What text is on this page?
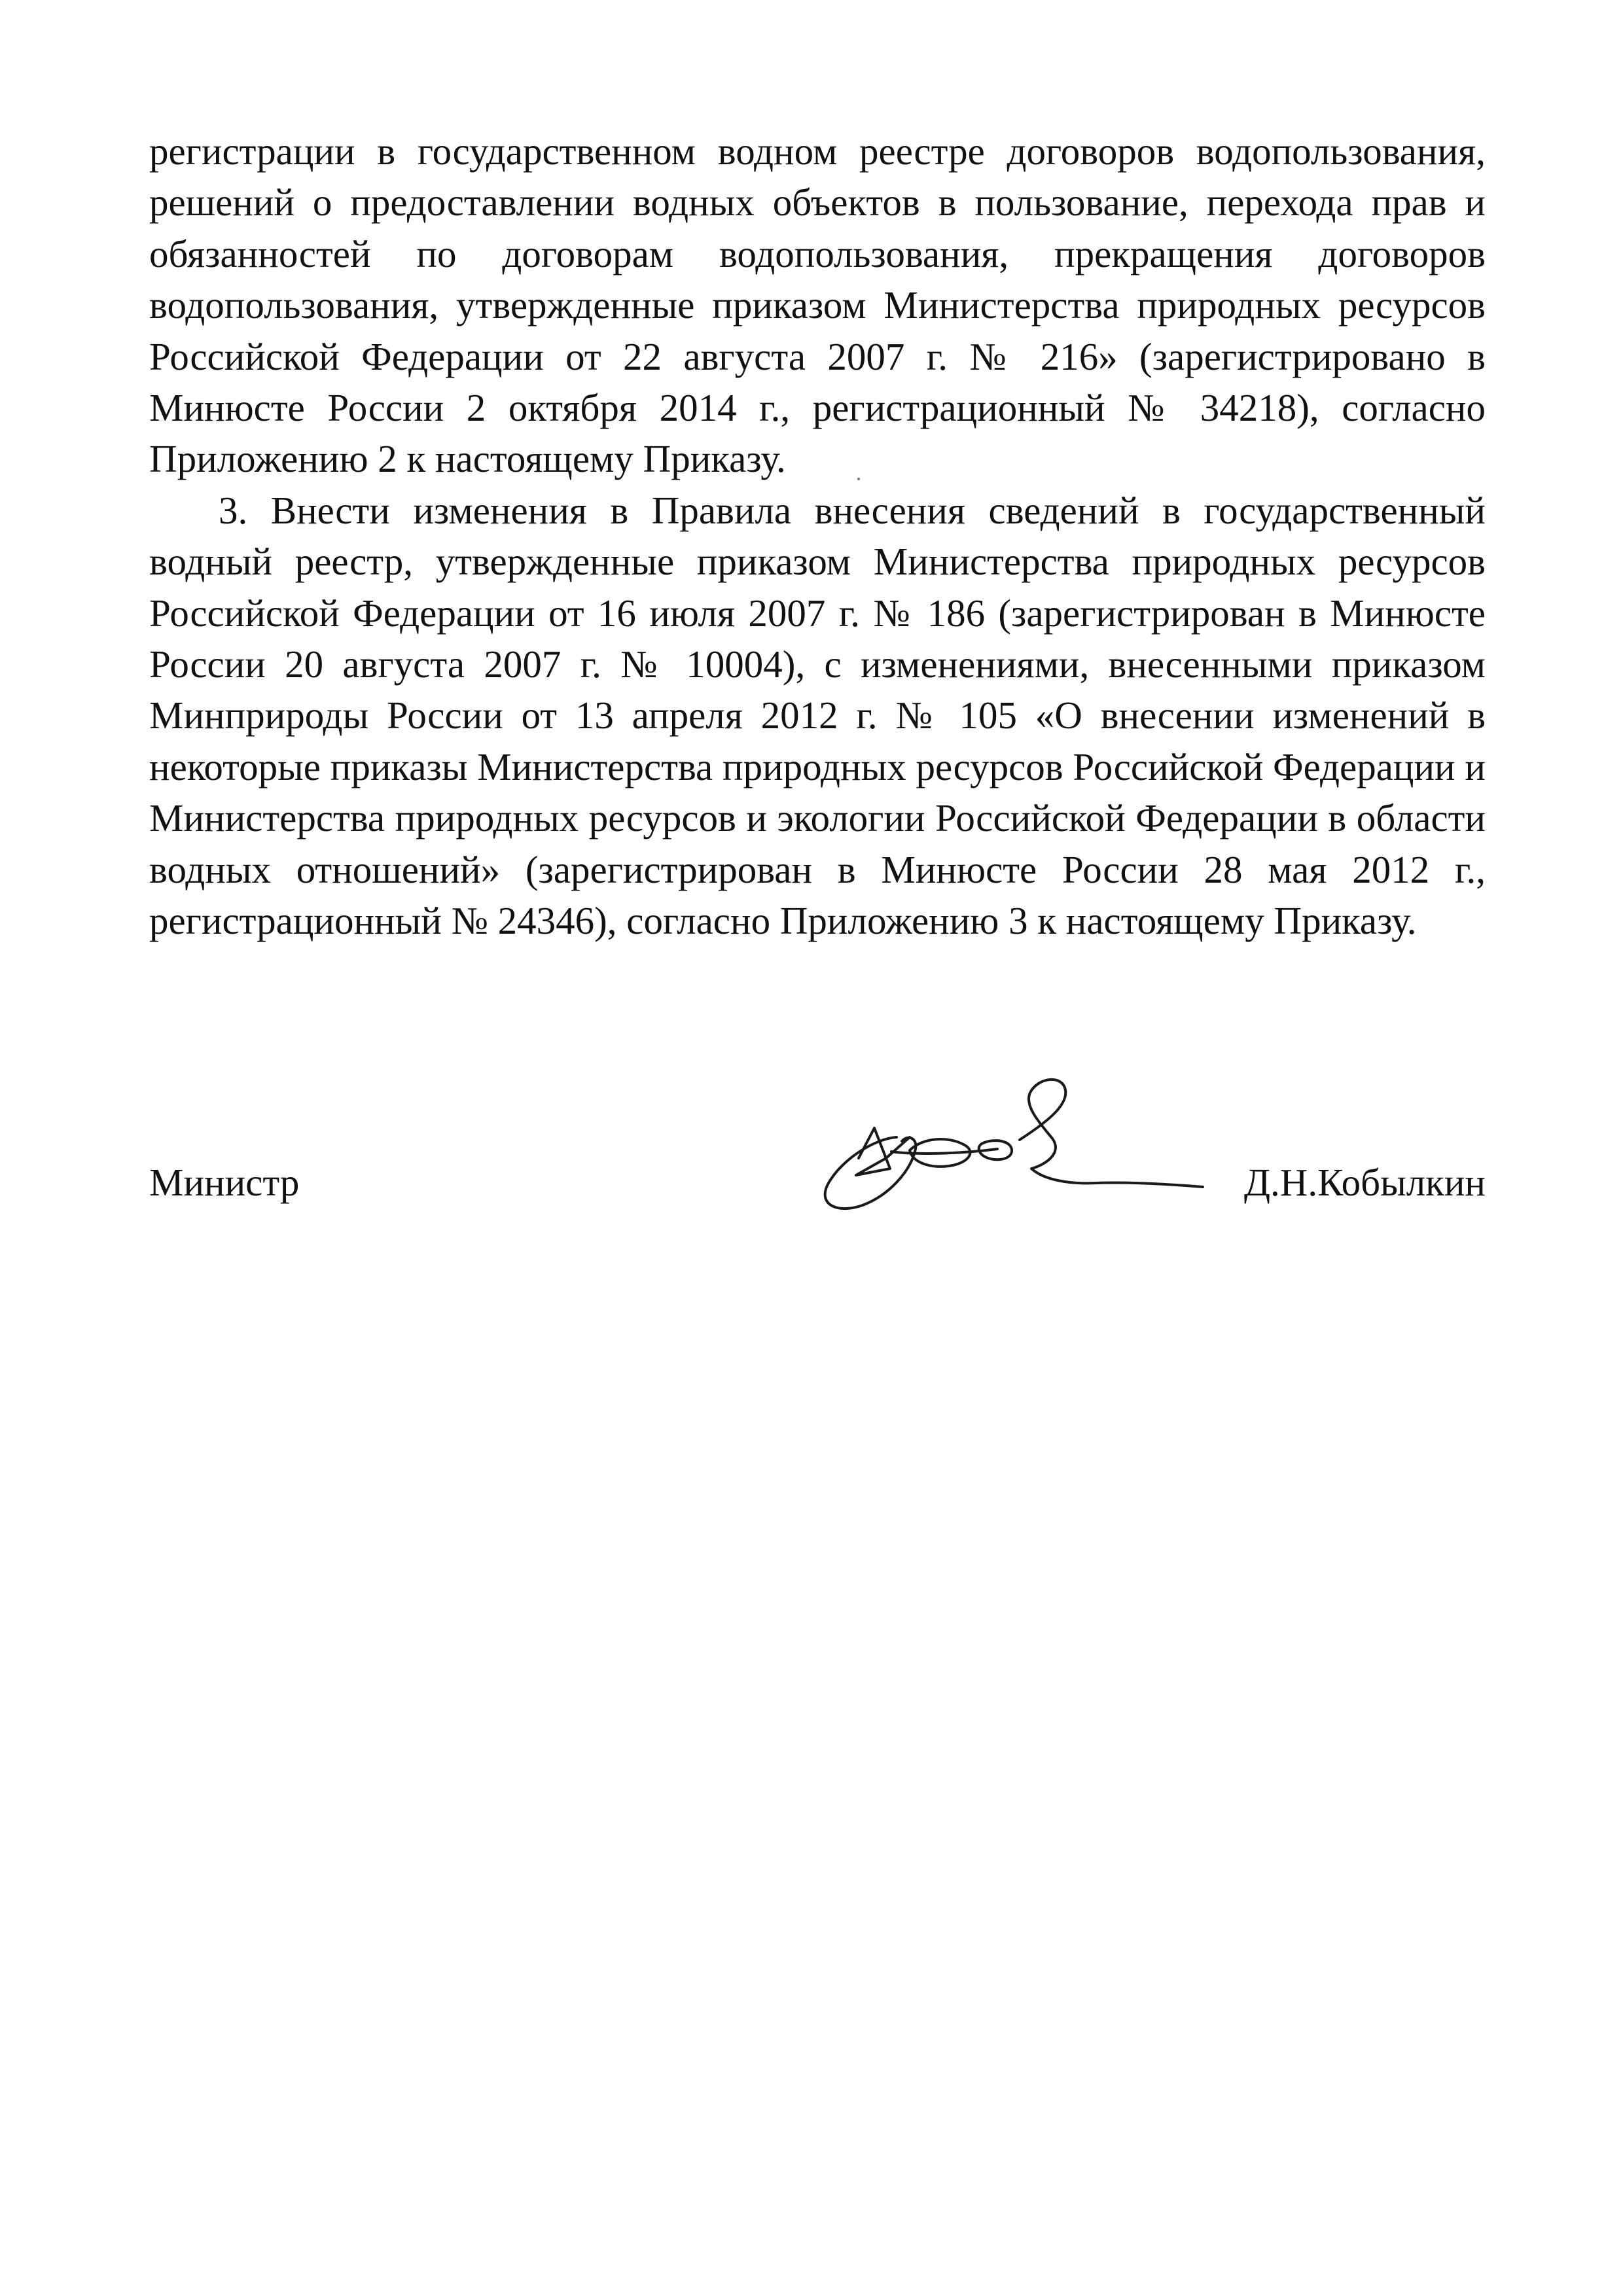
регистрации в государственном водном реестре договоров водопользования, решений о предоставлении водных объектов в пользование, перехода прав и обязанностей по договорам водопользования, прекращения договоров водопользования, утвержденные приказом Министерства природных ресурсов Российской Федерации от 22 августа 2007 г. № 216» (зарегистрировано в Минюсте России 2 октября 2014 г., регистрационный № 34218), согласно Приложению 2 к настоящему Приказу.

3. Внести изменения в Правила внесения сведений в государственный водный реестр, утвержденные приказом Министерства природных ресурсов Российской Федерации от 16 июля 2007 г. № 186 (зарегистрирован в Минюсте России 20 августа 2007 г. № 10004), с изменениями, внесенными приказом Минприроды России от 13 апреля 2012 г. № 105 «О внесении изменений в некоторые приказы Министерства природных ресурсов Российской Федерации и Министерства природных ресурсов и экологии Российской Федерации в области водных отношений» (зарегистрирован в Минюсте России 28 мая 2012 г., регистрационный № 24346), согласно Приложению 3 к настоящему Приказу.

Министр	Д.Н.Кобылкин
